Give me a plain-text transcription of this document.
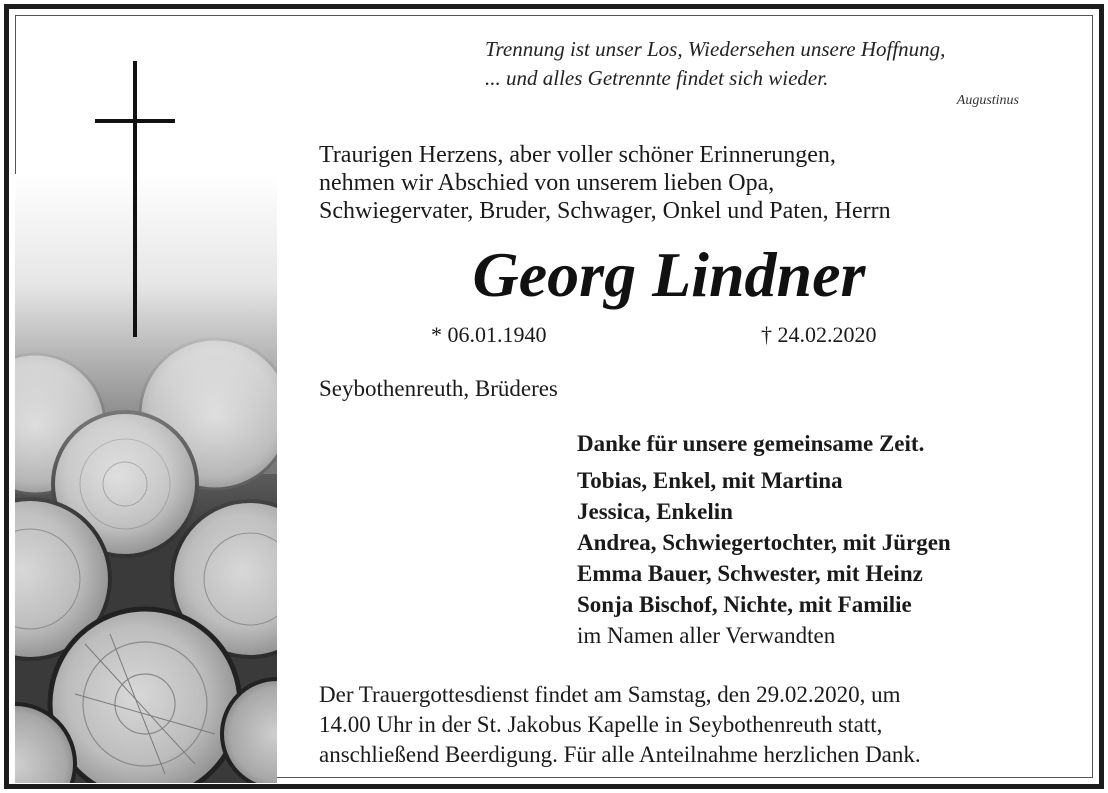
Trennung ist unser Los, Wiedersehen unsere Hoffnung,
... und alles Getrennte findet sich wieder.
Augustinus
Traurigen Herzens, aber voller schöner Erinnerungen,
nehmen wir Abschied von unserem lieben Opa,
Schwiegervater, Bruder, Schwager, Onkel und Paten, Herrn
Georg Lindner
* 06.01.1940	† 24.02.2020
Seybothenreuth, Brüderes
Danke für unsere gemeinsame Zeit.
Tobias, Enkel, mit Martina
Jessica, Enkelin
Andrea, Schwiegertochter, mit Jürgen
Emma Bauer, Schwester, mit Heinz
Sonja Bischof, Nichte, mit Familie
im Namen aller Verwandten
Der Trauergottesdienst findet am Samstag, den 29.02.2020, um
14.00 Uhr in der St. Jakobus Kapelle in Seybothenreuth statt,
anschließend Beerdigung. Für alle Anteilnahme herzlichen Dank.
